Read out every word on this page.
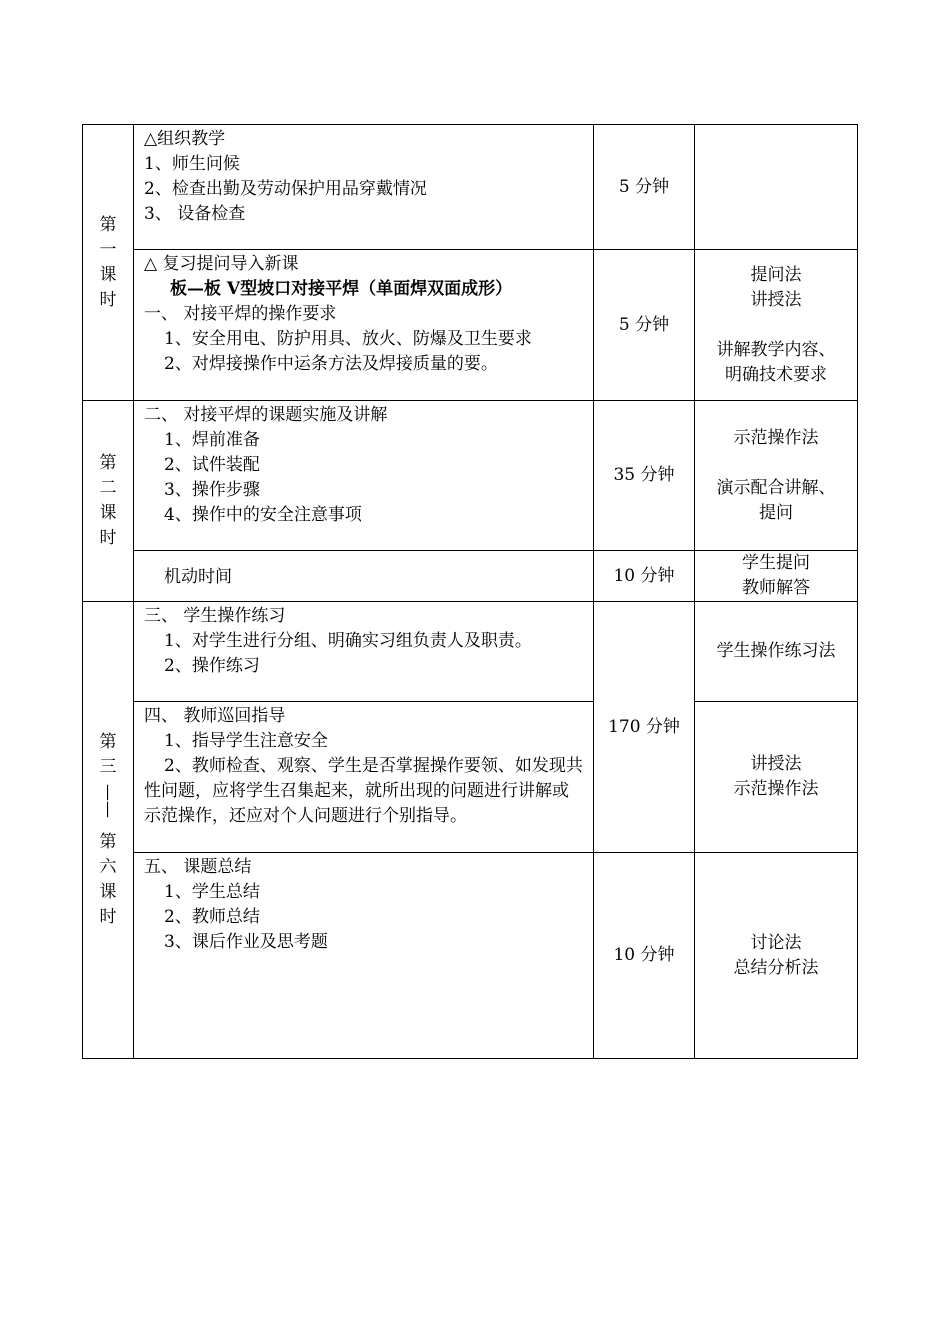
第一课时	△组织教学
1、师生问候
2、检查出勤及劳动保护用品穿戴情况
3、 设备检查	5 分钟	

	△ 复习提问导入新课
板—板 V型坡口对接平焊（单面焊双面成形）
一、 对接平焊的操作要求
1、安全用电、防护用具、放火、防爆及卫生要求
2、对焊接操作中运条方法及焊接质量的要。	5 分钟	提问法
讲授法
讲解教学内容、
明确技术要求

第二课时	二、 对接平焊的课题实施及讲解
1、焊前准备
2、试件装配
3、操作步骤
4、操作中的安全注意事项	35 分钟	示范操作法
演示配合讲解、
提问

	机动时间	10 分钟	学生提问
教师解答

第三
——
第六课时	三、 学生操作练习
1、对学生进行分组、明确实习组负责人及职责。
2、操作练习	170 分钟	学生操作练习法

	四、 教师巡回指导
1、指导学生注意安全
2、教师检查、观察、学生是否掌握操作要领、如发现共性问题，应将学生召集起来，就所出现的问题进行讲解或示范操作，还应对个人问题进行个别指导。		讲授法
示范操作法

	五、 课题总结
1、学生总结
2、教师总结
3、课后作业及思考题	10 分钟	讨论法
总结分析法
